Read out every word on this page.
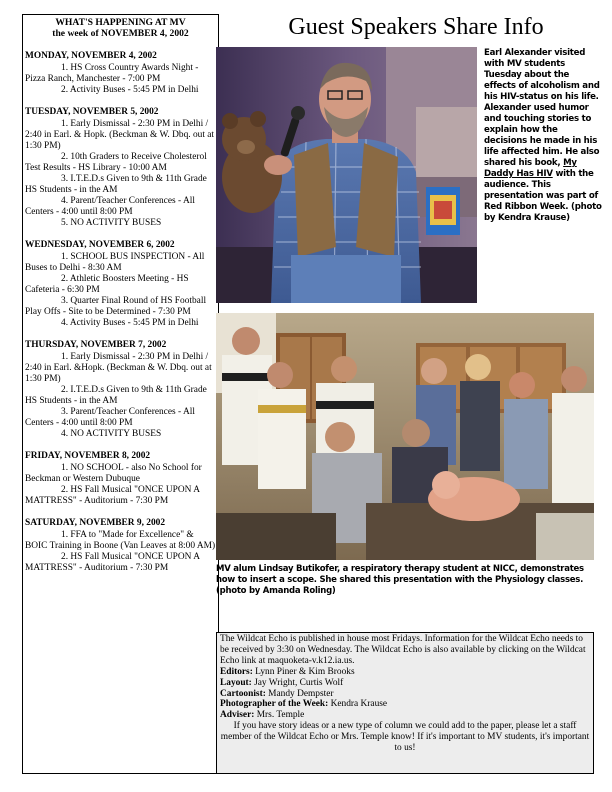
WHAT'S HAPPENING AT MV
the week of NOVEMBER 4, 2002
MONDAY, NOVEMBER 4, 2002
1. HS Cross Country Awards Night - Pizza Ranch, Manchester - 7:00 PM
2. Activity Buses - 5:45 PM in Delhi
TUESDAY, NOVEMBER 5, 2002
1. Early Dismissal - 2:30 PM in Delhi / 2:40 in Earl. & Hopk. (Beckman & W. Dbq. out at 1:30 PM)
2. 10th Graders to Receive Cholesterol Test Results - HS Library - 10:00 AM
3. I.T.E.D.s Given to 9th & 11th Grade HS Students - in the AM
4. Parent/Teacher Conferences - All Centers - 4:00 until 8:00 PM
5. NO ACTIVITY BUSES
WEDNESDAY, NOVEMBER 6, 2002
1. SCHOOL BUS INSPECTION - All Buses to Delhi - 8:30 AM
2. Athletic Boosters Meeting - HS Cafeteria - 6:30 PM
3. Quarter Final Round of HS Football Play Offs - Site to be Determined - 7:30 PM
4. Activity Buses - 5:45 PM in Delhi
THURSDAY, NOVEMBER 7, 2002
1. Early Dismissal - 2:30 PM in Delhi / 2:40 in Earl. &Hopk. (Beckman & W. Dbq. out at 1:30 PM)
2. I.T.E.D.s Given to 9th & 11th Grade HS Students - in the AM
3. Parent/Teacher Conferences - All Centers - 4:00 until 8:00 PM
4. NO ACTIVITY BUSES
FRIDAY, NOVEMBER 8, 2002
1. NO SCHOOL - also No School for Beckman or Western Dubuque
2. HS Fall Musical "ONCE UPON A MATTRESS" - Auditorium - 7:30 PM
SATURDAY, NOVEMBER 9, 2002
1. FFA to "Made for Excellence" & BOIC Training in Boone (Van Leaves at 8:00 AM)
2. HS Fall Musical "ONCE UPON A MATTRESS" - Auditorium - 7:30 PM
Guest Speakers Share Info
Earl Alexander visited with MV students Tuesday about the effects of alcoholism and his HIV-status on his life. Alexander used humor and touching stories to explain how the decisions he made in his life affected him. He also shared his book, My Daddy Has HIV with the audience. This presentation was part of Red Ribbon Week. (photo by Kendra Krause)
MV alum Lindsay Butikofer, a respiratory therapy student at NICC, demonstrates how to insert a scope. She shared this presentation with the Physiology classes. (photo by Amanda Roling)
The Wildcat Echo is published in house most Fridays. Information for the Wildcat Echo needs to be received by 3:30 on Wednesday. The Wildcat Echo is also available by clicking on the Wildcat Echo link at maquoketa-v.k12.ia.us.
Editors: Lynn Piner & Kim Brooks
Layout: Jay Wright, Curtis Wolf
Cartoonist: Mandy Dempster
Photographer of the Week: Kendra Krause
Adviser: Mrs. Temple
If you have story ideas or a new type of column we could add to the paper, please let a staff member of the Wildcat Echo or Mrs. Temple know! If it's important to MV students, it's important to us!
